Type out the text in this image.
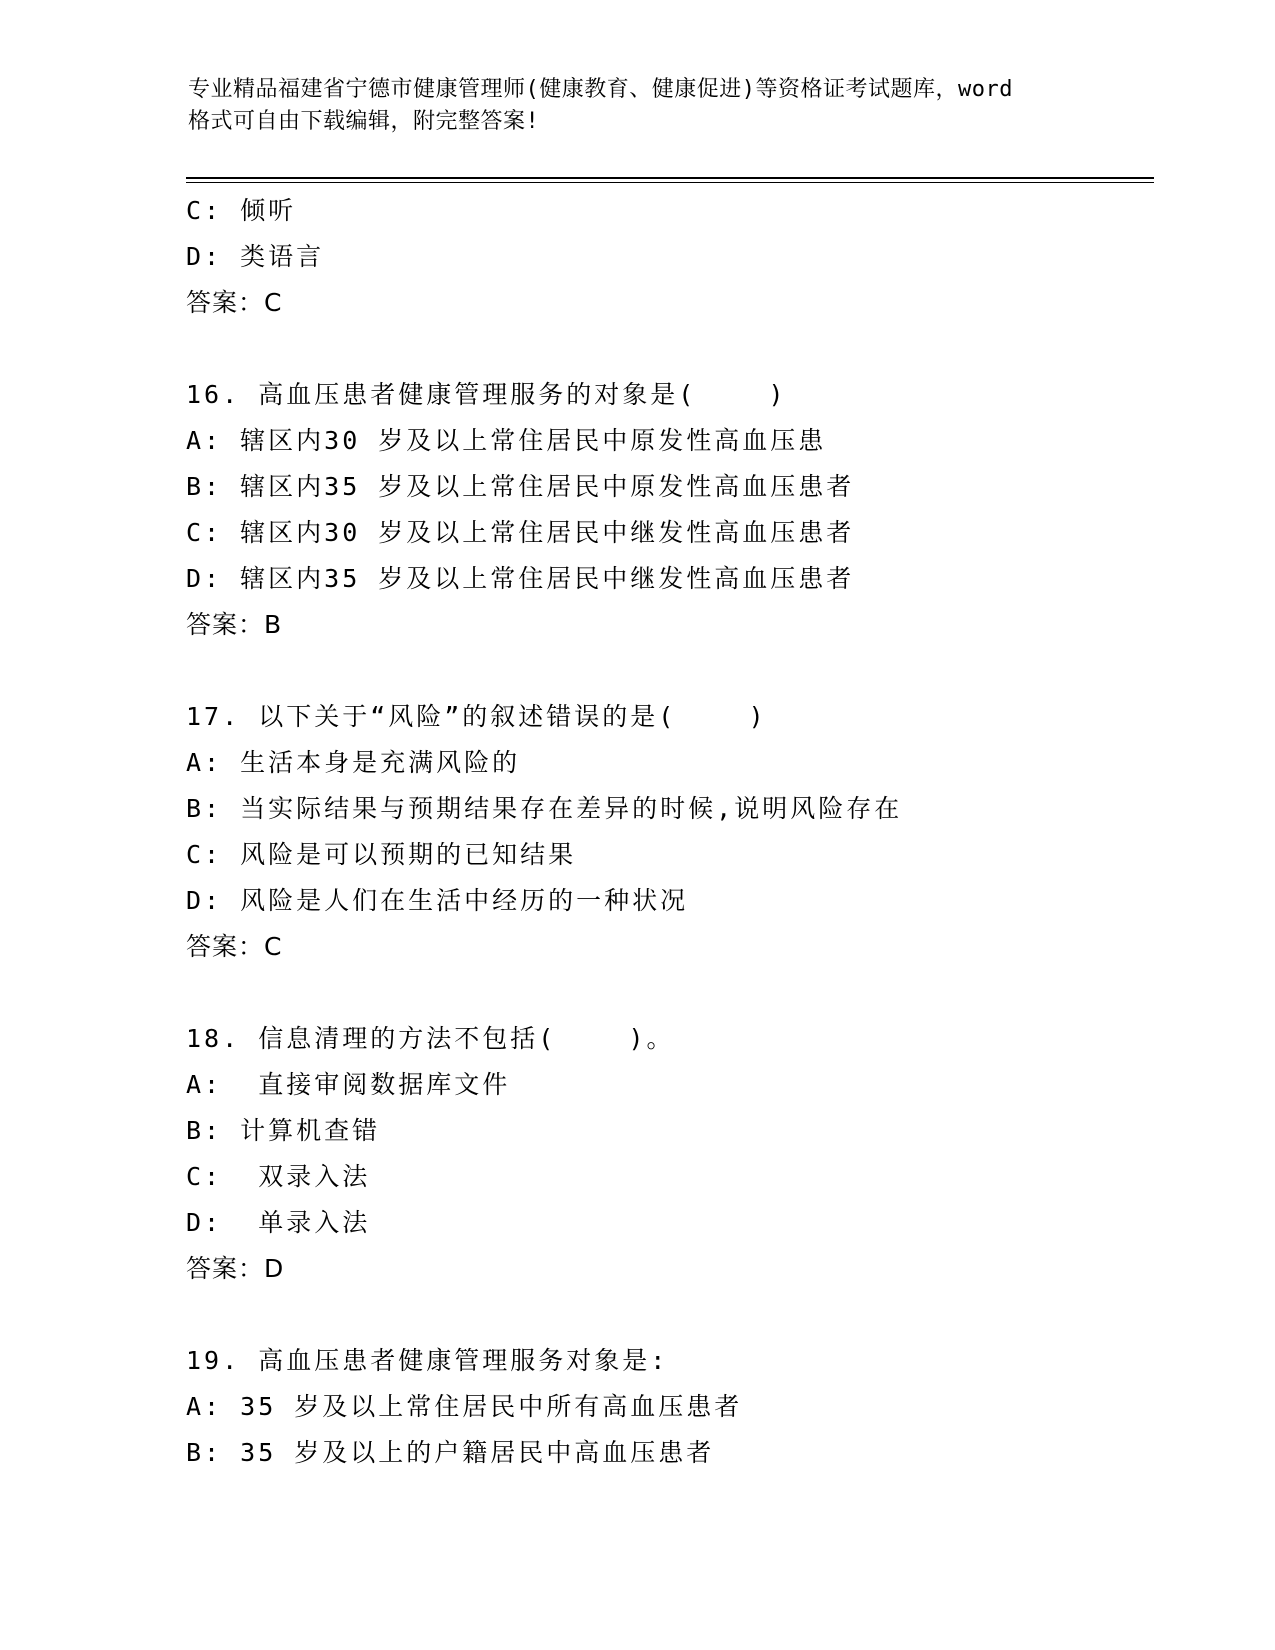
专业精品福建省宁德市健康管理师(健康教育、健康促进)等资格证考试题库，word
格式可自由下载编辑，附完整答案!
C: 倾听
D: 类语言
答案：C
16. 高血压患者健康管理服务的对象是(    )
A: 辖区内30 岁及以上常住居民中原发性高血压患
B: 辖区内35 岁及以上常住居民中原发性高血压患者
C: 辖区内30 岁及以上常住居民中继发性高血压患者
D: 辖区内35 岁及以上常住居民中继发性高血压患者
答案：B
17. 以下关于“风险”的叙述错误的是(    )
A: 生活本身是充满风险的
B: 当实际结果与预期结果存在差异的时候,说明风险存在
C: 风险是可以预期的已知结果
D: 风险是人们在生活中经历的一种状况
答案：C
18. 信息清理的方法不包括(    )。
A:  直接审阅数据库文件
B: 计算机查错
C:  双录入法
D:  单录入法
答案：D
19. 高血压患者健康管理服务对象是:
A: 35 岁及以上常住居民中所有高血压患者
B: 35 岁及以上的户籍居民中高血压患者
